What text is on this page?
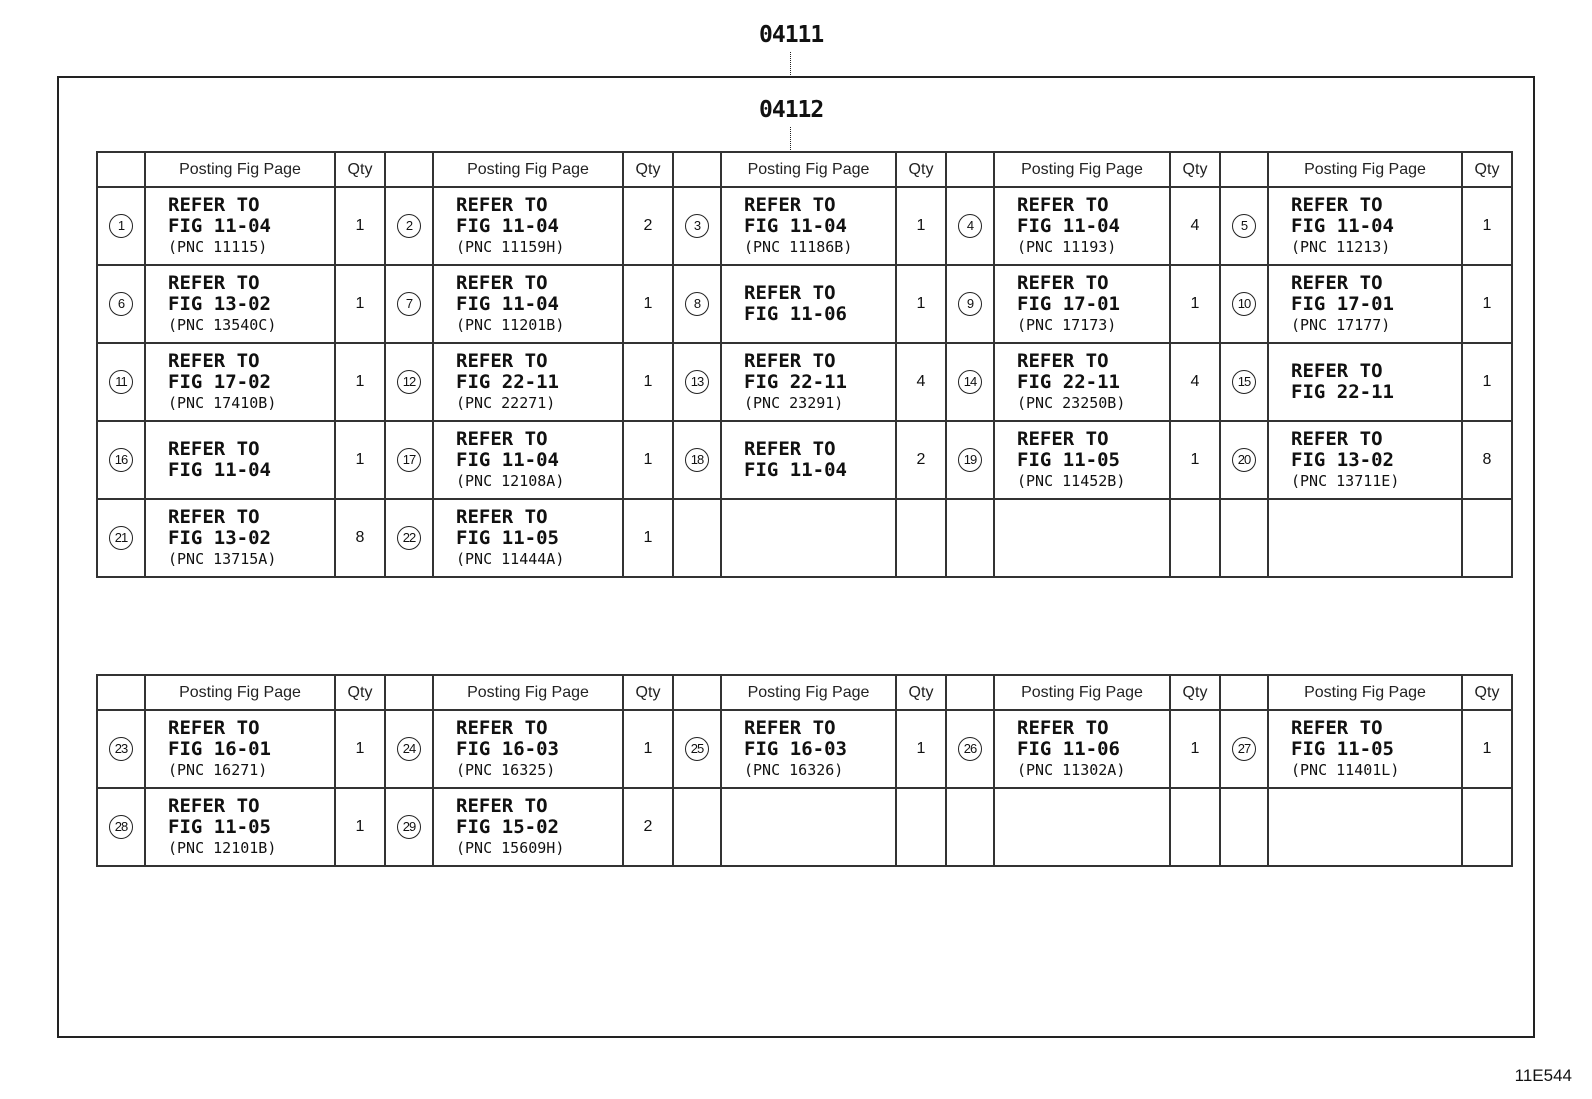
04111
04112
	Posting Fig Page	Qty		Posting Fig Page	Qty		Posting Fig Page	Qty		Posting Fig Page	Qty		Posting Fig Page	Qty
1	REFER TO
FIG 11-04
(PNC 11115)	1	2	REFER TO
FIG 11-04
(PNC 11159H)	2	3	REFER TO
FIG 11-04
(PNC 11186B)	1	4	REFER TO
FIG 11-04
(PNC 11193)	4	5	REFER TO
FIG 11-04
(PNC 11213)	1
6	REFER TO
FIG 13-02
(PNC 13540C)	1	7	REFER TO
FIG 11-04
(PNC 11201B)	1	8	REFER TO
FIG 11-06	1	9	REFER TO
FIG 17-01
(PNC 17173)	1	10	REFER TO
FIG 17-01
(PNC 17177)	1
11	REFER TO
FIG 17-02
(PNC 17410B)	1	12	REFER TO
FIG 22-11
(PNC 22271)	1	13	REFER TO
FIG 22-11
(PNC 23291)	4	14	REFER TO
FIG 22-11
(PNC 23250B)	4	15	REFER TO
FIG 22-11	1
16	REFER TO
FIG 11-04	1	17	REFER TO
FIG 11-04
(PNC 12108A)	1	18	REFER TO
FIG 11-04	2	19	REFER TO
FIG 11-05
(PNC 11452B)	1	20	REFER TO
FIG 13-02
(PNC 13711E)	8
21	REFER TO
FIG 13-02
(PNC 13715A)	8	22	REFER TO
FIG 11-05
(PNC 11444A)	1									
	Posting Fig Page	Qty		Posting Fig Page	Qty		Posting Fig Page	Qty		Posting Fig Page	Qty		Posting Fig Page	Qty
23	REFER TO
FIG 16-01
(PNC 16271)	1	24	REFER TO
FIG 16-03
(PNC 16325)	1	25	REFER TO
FIG 16-03
(PNC 16326)	1	26	REFER TO
FIG 11-06
(PNC 11302A)	1	27	REFER TO
FIG 11-05
(PNC 11401L)	1
28	REFER TO
FIG 11-05
(PNC 12101B)	1	29	REFER TO
FIG 15-02
(PNC 15609H)	2									
11E544
